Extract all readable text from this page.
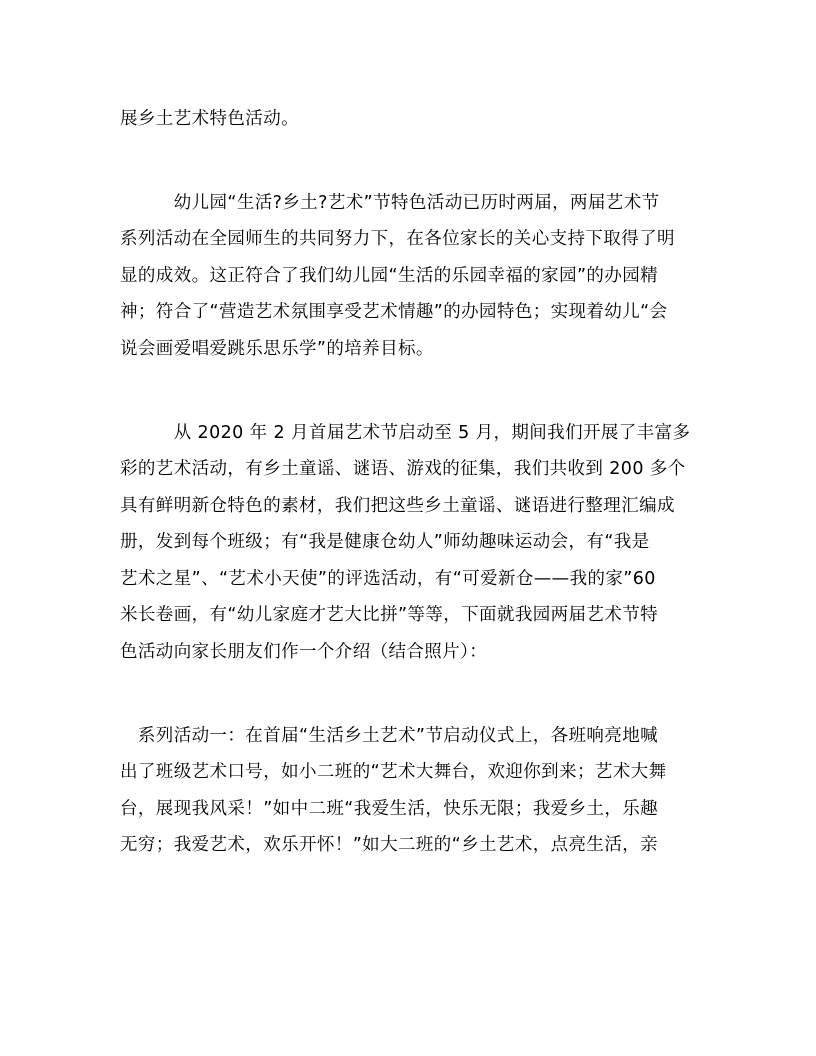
展乡土艺术特色活动。
　　　幼儿园“生活?乡土?艺术”节特色活动已历时两届，两届艺术节
系列活动在全园师生的共同努力下，在各位家长的关心支持下取得了明
显的成效。这正符合了我们幼儿园“生活的乐园幸福的家园”的办园精
神；符合了“营造艺术氛围享受艺术情趣”的办园特色；实现着幼儿“会
说会画爱唱爱跳乐思乐学”的培养目标。
　　　从 2020 年 2 月首届艺术节启动至 5 月，期间我们开展了丰富多
彩的艺术活动，有乡土童谣、谜语、游戏的征集，我们共收到 200 多个
具有鲜明新仓特色的素材，我们把这些乡土童谣、谜语进行整理汇编成
册，发到每个班级；有“我是健康仓幼人”师幼趣味运动会，有“我是
艺术之星”、“艺术小天使”的评选活动，有“可爱新仓——我的家”60
米长卷画，有“幼儿家庭才艺大比拼”等等，下面就我园两届艺术节特
色活动向家长朋友们作一个介绍（结合照片）：
　系列活动一：在首届“生活乡土艺术”节启动仪式上，各班响亮地喊
出了班级艺术口号，如小二班的“艺术大舞台，欢迎你到来；艺术大舞
台，展现我风采！”如中二班“我爱生活，快乐无限；我爱乡土，乐趣
无穷；我爱艺术，欢乐开怀！”如大二班的“乡土艺术，点亮生活，亲
